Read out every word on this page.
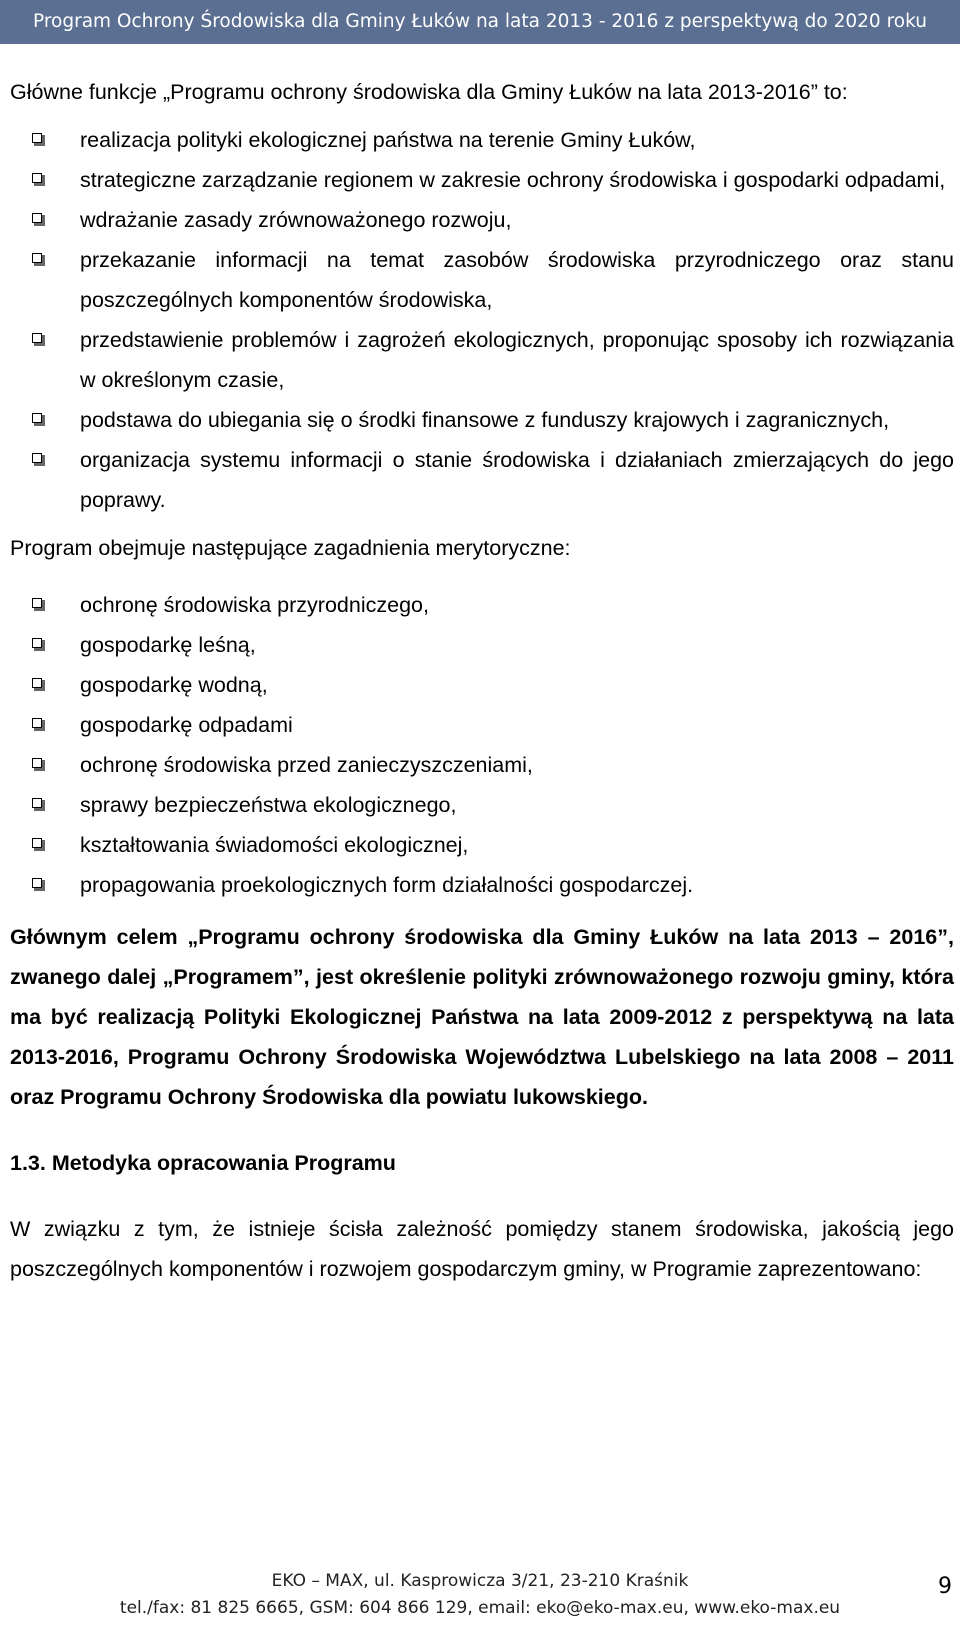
Program Ochrony Środowiska dla Gminy Łuków na lata 2013 - 2016 z perspektywą do 2020 roku

Główne funkcje „Programu ochrony środowiska dla Gminy Łuków na lata 2013-2016” to:

realizacja polityki ekologicznej państwa na terenie Gminy Łuków,
strategiczne zarządzanie regionem w zakresie ochrony środowiska i gospodarki odpadami,
wdrażanie zasady zrównoważonego rozwoju,
przekazanie informacji na temat zasobów środowiska przyrodniczego oraz stanu poszczególnych komponentów środowiska,
przedstawienie problemów i zagrożeń ekologicznych, proponując sposoby ich rozwiązania w określonym czasie,
podstawa do ubiegania się o środki finansowe z funduszy krajowych i zagranicznych,
organizacja systemu informacji o stanie środowiska i działaniach zmierzających do jego poprawy.

Program obejmuje następujące zagadnienia merytoryczne:

ochronę środowiska przyrodniczego,
gospodarkę leśną,
gospodarkę wodną,
gospodarkę odpadami
ochronę środowiska przed zanieczyszczeniami,
sprawy bezpieczeństwa ekologicznego,
kształtowania świadomości ekologicznej,
propagowania proekologicznych form działalności gospodarczej.

Głównym celem „Programu ochrony środowiska dla Gminy Łuków na lata 2013 – 2016”, zwanego dalej „Programem”, jest określenie polityki zrównoważonego rozwoju gminy, która ma być realizacją Polityki Ekologicznej Państwa na lata 2009-2012 z perspektywą na lata 2013-2016, Programu Ochrony Środowiska Województwa Lubelskiego na lata 2008 – 2011 oraz Programu Ochrony Środowiska dla powiatu lukowskiego.

1.3. Metodyka opracowania Programu

W związku z tym, że istnieje ścisła zależność pomiędzy stanem środowiska, jakością jego poszczególnych komponentów i rozwojem gospodarczym gminy, w Programie zaprezentowano:

EKO – MAX, ul. Kasprowicza 3/21, 23-210 Kraśnik
tel./fax: 81 825 6665, GSM: 604 866 129, email: eko@eko-max.eu, www.eko-max.eu
9
